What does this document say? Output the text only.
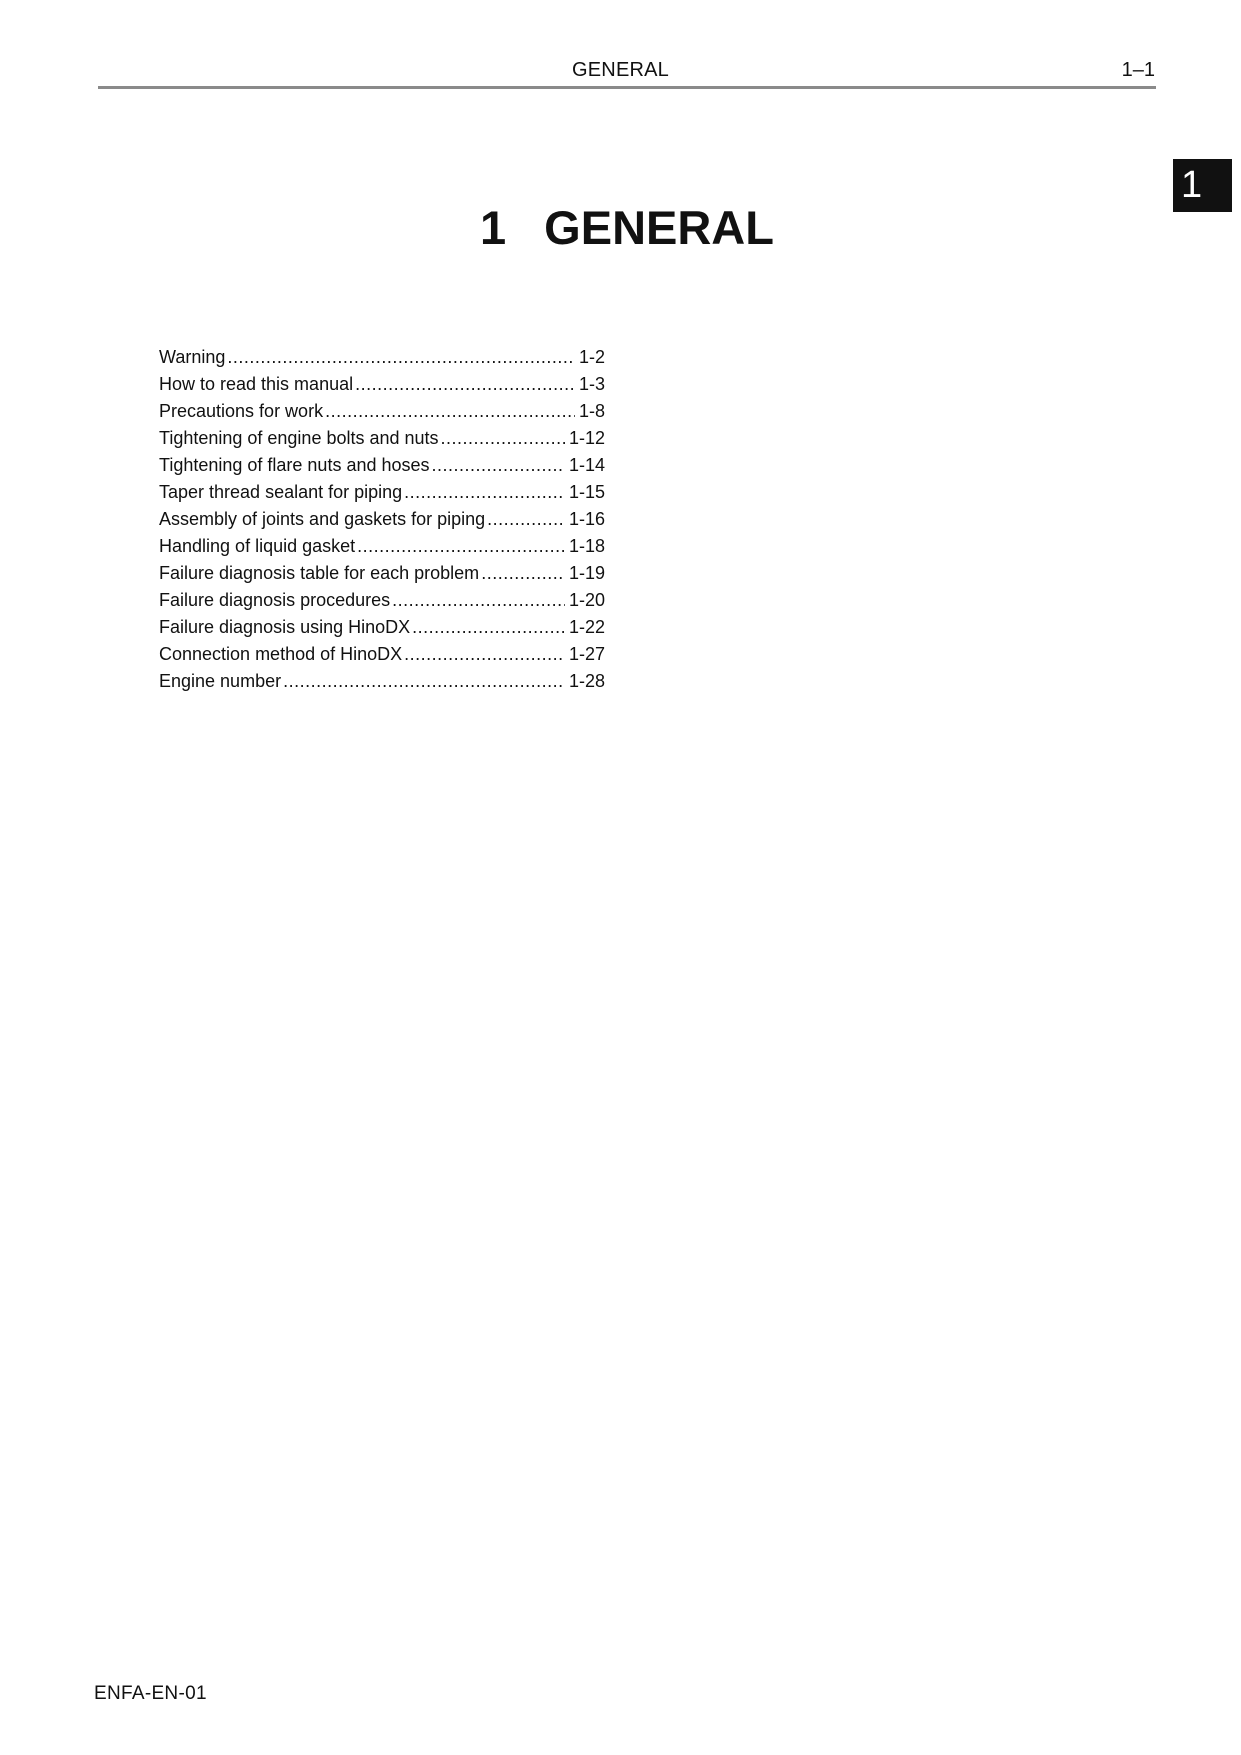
GENERAL	1–1
1
1 GENERAL
Warning .....	1-2
How to read this manual .....	1-3
Precautions for work .....	1-8
Tightening of engine bolts and nuts .....	1-12
Tightening of flare nuts and hoses .....	1-14
Taper thread sealant for piping .....	1-15
Assembly of joints and gaskets for piping .....	1-16
Handling of liquid gasket .....	1-18
Failure diagnosis table for each problem .....	1-19
Failure diagnosis procedures .....	1-20
Failure diagnosis using HinoDX .....	1-22
Connection method of HinoDX .....	1-27
Engine number .....	1-28
ENFA-EN-01
